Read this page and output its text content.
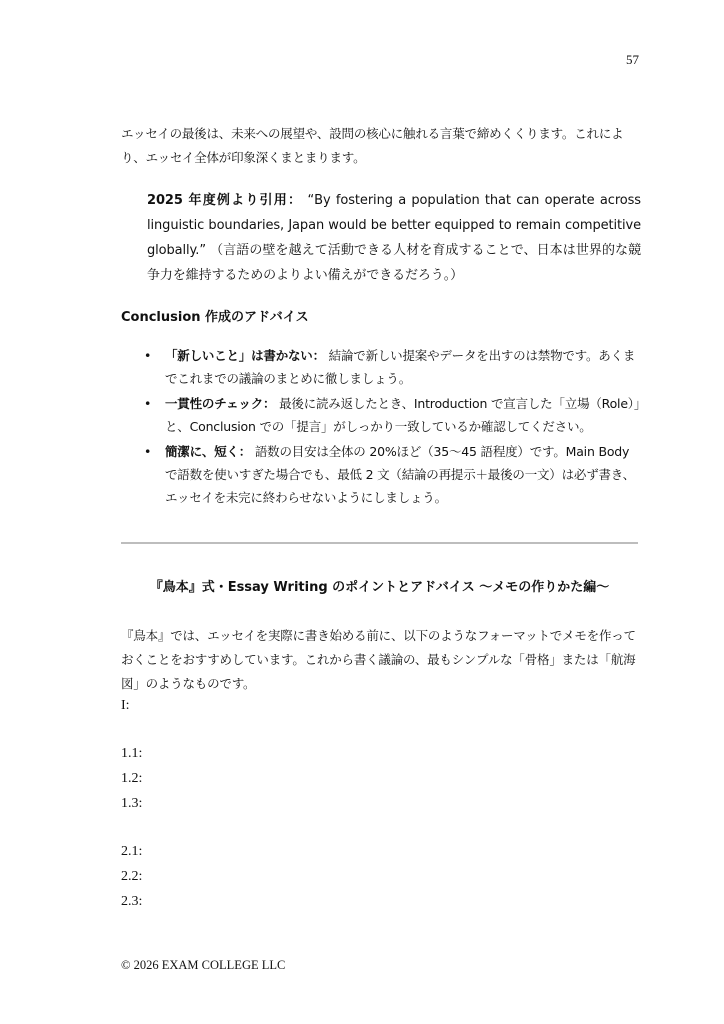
57
エッセイの最後は、未来への展望や、設問の核心に触れる言葉で締めくくります。これにより、エッセイ全体が印象深くまとまります。
2025 年度例より引用： “By fostering a population that can operate across linguistic boundaries, Japan would be better equipped to remain competitive globally.” （言語の壁を越えて活動できる人材を育成することで、日本は世界的な競争力を維持するためのよりよい備えができるだろう。）
Conclusion 作成のアドバイス
• 「新しいこと」は書かない： 結論で新しい提案やデータを出すのは禁物です。あくまでこれまでの議論のまとめに徹しましょう。
• 一貫性のチェック： 最後に読み返したとき、Introduction で宣言した「立場（Role）」と、Conclusion での「提言」がしっかり一致しているか確認してください。
• 簡潔に、短く： 語数の目安は全体の 20%ほど（35〜45 語程度）です。Main Body で語数を使いすぎた場合でも、最低 2 文（結論の再提示＋最後の一文）は必ず書き、エッセイを未完に終わらせないようにしましょう。
『鳥本』式・Essay Writing のポイントとアドバイス 〜メモの作りかた編〜
『鳥本』では、エッセイを実際に書き始める前に、以下のようなフォーマットでメモを作っておくことをおすすめしています。これから書く議論の、最もシンプルな「骨格」または「航海図」のようなものです。
I:
1.1:
1.2:
1.3:
2.1:
2.2:
2.3:
© 2026 EXAM COLLEGE LLC
